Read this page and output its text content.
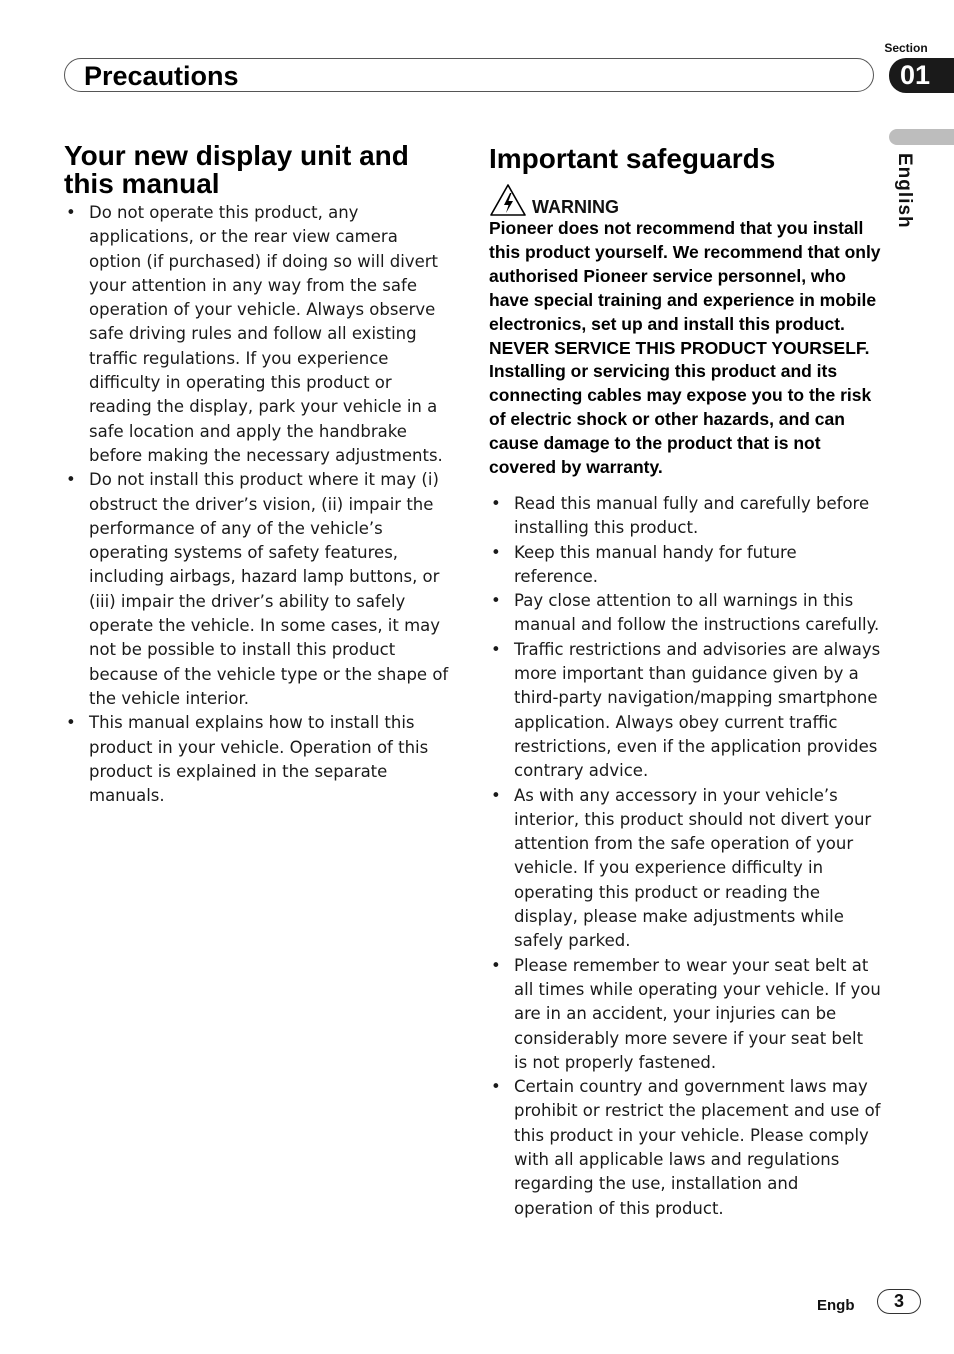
Section
Precautions	01
English
Your new display unit and this manual
• Do not operate this product, any applications, or the rear view camera option (if purchased) if doing so will divert your attention in any way from the safe operation of your vehicle. Always observe safe driving rules and follow all existing traffic regulations. If you experience difficulty in operating this product or reading the display, park your vehicle in a safe location and apply the handbrake before making the necessary adjustments.
• Do not install this product where it may (i) obstruct the driver’s vision, (ii) impair the performance of any of the vehicle’s operating systems of safety features, including airbags, hazard lamp buttons, or (iii) impair the driver’s ability to safely operate the vehicle. In some cases, it may not be possible to install this product because of the vehicle type or the shape of the vehicle interior.
• This manual explains how to install this product in your vehicle. Operation of this product is explained in the separate manuals.
Important safeguards
WARNING

Pioneer does not recommend that you install this product yourself. We recommend that only authorised Pioneer service personnel, who have special training and experience in mobile electronics, set up and install this product. NEVER SERVICE THIS PRODUCT YOURSELF. Installing or servicing this product and its connecting cables may expose you to the risk of electric shock or other hazards, and can cause damage to the product that is not covered by warranty.

• Read this manual fully and carefully before installing this product.
• Keep this manual handy for future reference.
• Pay close attention to all warnings in this manual and follow the instructions carefully.
• Traffic restrictions and advisories are always more important than guidance given by a third-party navigation/mapping smartphone application. Always obey current traffic restrictions, even if the application provides contrary advice.
• As with any accessory in your vehicle’s interior, this product should not divert your attention from the safe operation of your vehicle. If you experience difficulty in operating this product or reading the display, please make adjustments while safely parked.
• Please remember to wear your seat belt at all times while operating your vehicle. If you are in an accident, your injuries can be considerably more severe if your seat belt is not properly fastened.
• Certain country and government laws may prohibit or restrict the placement and use of this product in your vehicle. Please comply with all applicable laws and regulations regarding the use, installation and operation of this product.
Engb	3
